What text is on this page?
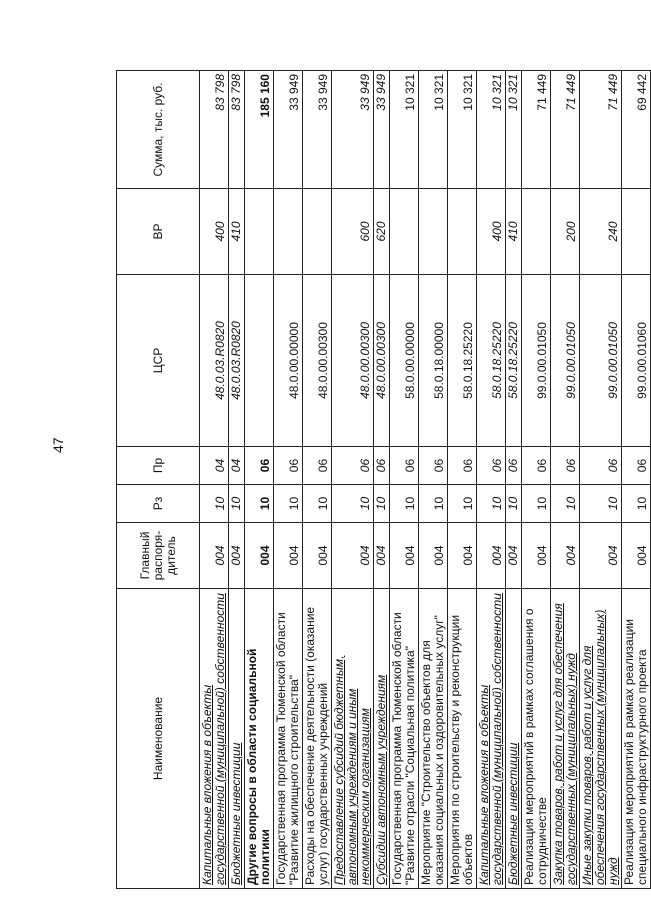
47
Наименование	Главный распоря-дитель	Рз	Пр	ЦСР	ВР	Сумма, тыс. руб.
Капитальные вложения в объекты государственной (муниципальной) собственности	004	10	04	48.0.03.R0820	400	83 798
Бюджетные инвестиции	004	10	04	48.0.03.R0820	410	83 798
Другие вопросы в области социальной политики	004	10	06			185 160
Государственная программа Тюменской области "Развитие жилищного строительства"	004	10	06	48.0.00.00000		33 949
Расходы на обеспечение деятельности (оказание услуг) государственных учреждений	004	10	06	48.0.00.00300		33 949
Предоставление субсидий бюджетным, автономным учреждениям и иным некоммерческим организациям	004	10	06	48.0.00.00300	600	33 949
Субсидии автономным учреждениям	004	10	06	48.0.00.00300	620	33 949
Государственная программа Тюменской области "Развитие отрасли "Социальная политика"	004	10	06	58.0.00.00000		10 321
Мероприятие "Строительство объектов для оказания социальных и оздоровительных услуг"	004	10	06	58.0.18.00000		10 321
Мероприятия по строительству и реконструкции объектов	004	10	06	58.0.18.25220		10 321
Капитальные вложения в объекты государственной (муниципальной) собственности	004	10	06	58.0.18.25220	400	10 321
Бюджетные инвестиции	004	10	06	58.0.18.25220	410	10 321
Реализация мероприятий в рамках соглашения о сотрудничестве	004	10	06	99.0.00.01050		71 449
Закупка товаров, работ и услуг для обеспечения государственных (муниципальных) нужд	004	10	06	99.0.00.01050	200	71 449
Иные закупки товаров, работ и услуг для обеспечения государственных (муниципальных) нужд	004	10	06	99.0.00.01050	240	71 449
Реализация мероприятий в рамках реализации специального инфраструктурного проекта	004	10	06	99.0.00.01060		69 442
